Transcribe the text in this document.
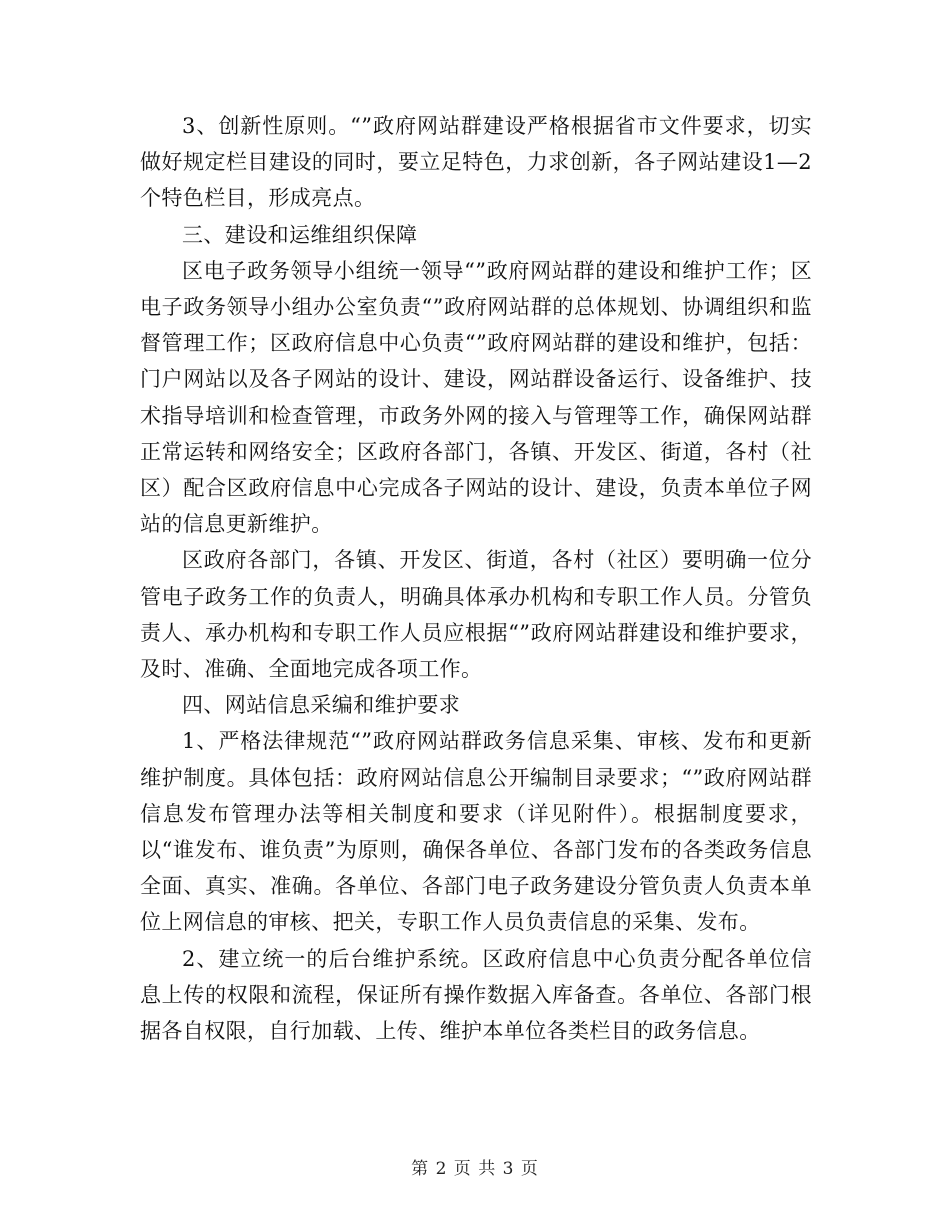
3、创新性原则。“”政府网站群建设严格根据省市文件要求，切实做好规定栏目建设的同时，要立足特色，力求创新，各子网站建设1—2个特色栏目，形成亮点。

三、建设和运维组织保障

区电子政务领导小组统一领导“”政府网站群的建设和维护工作；区电子政务领导小组办公室负责“”政府网站群的总体规划、协调组织和监督管理工作；区政府信息中心负责“”政府网站群的建设和维护，包括：门户网站以及各子网站的设计、建设，网站群设备运行、设备维护、技术指导培训和检查管理，市政务外网的接入与管理等工作，确保网站群正常运转和网络安全；区政府各部门，各镇、开发区、街道，各村（社区）配合区政府信息中心完成各子网站的设计、建设，负责本单位子网站的信息更新维护。

区政府各部门，各镇、开发区、街道，各村（社区）要明确一位分管电子政务工作的负责人，明确具体承办机构和专职工作人员。分管负责人、承办机构和专职工作人员应根据“”政府网站群建设和维护要求，及时、准确、全面地完成各项工作。

四、网站信息采编和维护要求

1、严格法律规范“”政府网站群政务信息采集、审核、发布和更新维护制度。具体包括：政府网站信息公开编制目录要求；“”政府网站群信息发布管理办法等相关制度和要求（详见附件）。根据制度要求，以“谁发布、谁负责”为原则，确保各单位、各部门发布的各类政务信息全面、真实、准确。各单位、各部门电子政务建设分管负责人负责本单位上网信息的审核、把关，专职工作人员负责信息的采集、发布。

2、建立统一的后台维护系统。区政府信息中心负责分配各单位信息上传的权限和流程，保证所有操作数据入库备查。各单位、各部门根据各自权限，自行加载、上传、维护本单位各类栏目的政务信息。

第 2 页 共 3 页
